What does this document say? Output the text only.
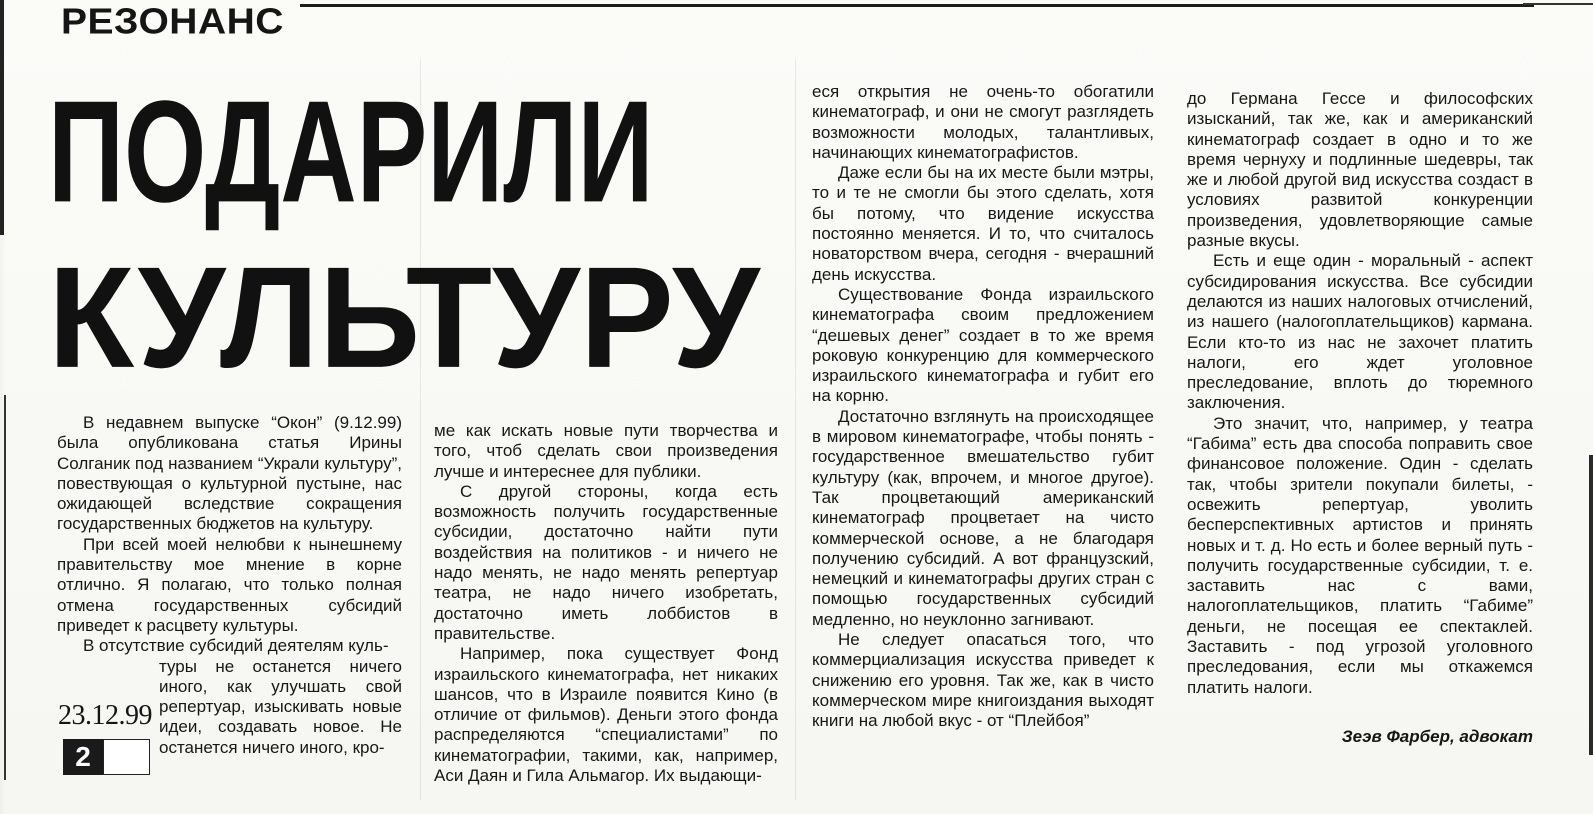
РЕЗОНАНС
ПОДАРИЛИ
КУЛЬТУРУ

В недавнем выпуске “Окон” (9.12.99) была опубликована статья Ирины Солганик под названием “Украли культуру”, повествующая о культурной пустыне, нас ожидающей вследствие сокращения государственных бюджетов на культуру.

При всей моей нелюбви к нынешнему правительству мое мнение в корне отлично. Я полагаю, что только полная отмена государственных субсидий приведет к расцвету культуры.

В отсутствие субсидий деятелям куль-

туры не останется ничего иного, как улучшать свой репертуар, изыскивать новые идеи, создавать новое. Не останется ничего иного, кро-

ме как искать новые пути творчества и того, чтоб сделать свои произведения лучше и интереснее для публики.

С другой стороны, когда есть возможность получить государственные субсидии, достаточно найти пути воздействия на политиков - и ничего не надо менять, не надо менять репертуар театра, не надо ничего изобретать, достаточно иметь лоббистов в правительстве.

Например, пока существует Фонд израильского кинематографа, нет никаких шансов, что в Израиле появится Кино (в отличие от фильмов). Деньги этого фонда распределяются “специалистами” по кинематографии, такими, как, например, Аси Даян и Гила Альмагор. Их выдающи-

еся открытия не очень-то обогатили кинематограф, и они не смогут разглядеть возможности молодых, талантливых, начинающих кинематографистов.

Даже если бы на их месте были мэтры, то и те не смогли бы этого сделать, хотя бы потому, что видение искусства постоянно меняется. И то, что считалось новаторством вчера, сегодня - вчерашний день искусства.

Существование Фонда израильского кинематографа своим предложением “дешевых денег” создает в то же время роковую конкуренцию для коммерческого израильского кинематографа и губит его на корню.

Достаточно взглянуть на происходящее в мировом кинематографе, чтобы понять - государственное вмешательство губит культуру (как, впрочем, и многое другое). Так процветающий американский кинематограф процветает на чисто коммерческой основе, а не благодаря получению субсидий. А вот французский, немецкий и кинематографы других стран с помощью государственных субсидий медленно, но неуклонно загнивают.

Не следует опасаться того, что коммерциализация искусства приведет к снижению его уровня. Так же, как в чисто коммерческом мире книгоиздания выходят книги на любой вкус - от “Плейбоя”

до Германа Гессе и философских изысканий, так же, как и американский кинематограф создает в одно и то же время чернуху и подлинные шедевры, так же и любой другой вид искусства создаст в условиях развитой конкуренции произведения, удовлетворяющие самые разные вкусы.

Есть и еще один - моральный - аспект субсидирования искусства. Все субсидии делаются из наших налоговых отчислений, из нашего (налогоплательщиков) кармана. Если кто-то из нас не захочет платить налоги, его ждет уголовное преследование, вплоть до тюремного заключения.

Это значит, что, например, у театра “Габима” есть два способа поправить свое финансовое положение. Один - сделать так, чтобы зрители покупали билеты, - освежить репертуар, уволить бесперспективных артистов и принять новых и т. д. Но есть и более верный путь - получить государственные субсидии, т. е. заставить нас с вами, налогоплательщиков, платить “Габиме” деньги, не посещая ее спектаклей. Заставить - под угрозой уголовного преследования, если мы откажемся платить налоги.

23.12.99
2
Зеэв Фарбер, адвокат
